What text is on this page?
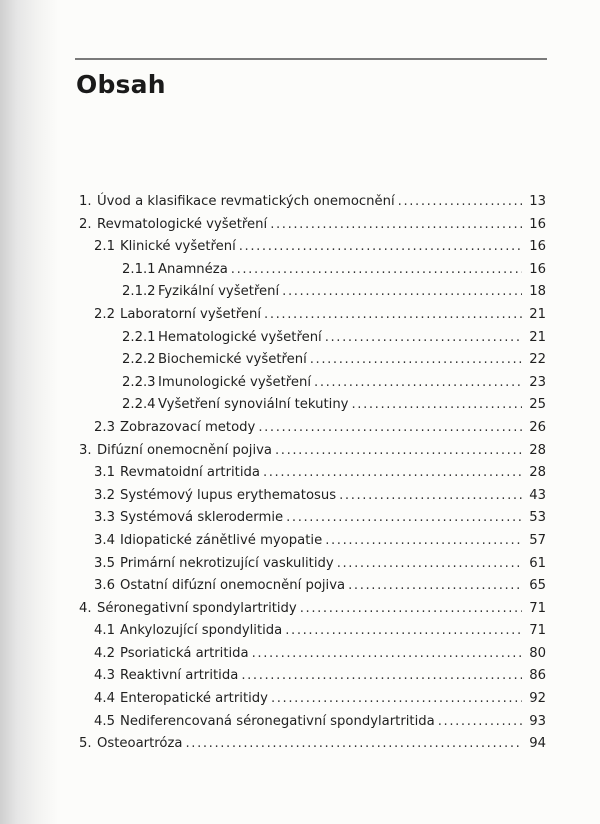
Obsah
1. Úvod a klasifikace revmatických onemocnění .....	13
2. Revmatologické vyšetření .....	16
2.1 Klinické vyšetření .....	16
2.1.1 Anamnéza .....	16
2.1.2 Fyzikální vyšetření .....	18
2.2 Laboratorní vyšetření .....	21
2.2.1 Hematologické vyšetření .....	21
2.2.2 Biochemické vyšetření .....	22
2.2.3 Imunologické vyšetření .....	23
2.2.4 Vyšetření synoviální tekutiny .....	25
2.3 Zobrazovací metody .....	26
3. Difúzní onemocnění pojiva .....	28
3.1 Revmatoidní artritida .....	28
3.2 Systémový lupus erythematosus .....	43
3.3 Systémová sklerodermie .....	53
3.4 Idiopatické zánětlivé myopatie .....	57
3.5 Primární nekrotizující vaskulitidy .....	61
3.6 Ostatní difúzní onemocnění pojiva .....	65
4. Séronegativní spondylartritidy .....	71
4.1 Ankylozující spondylitida .....	71
4.2 Psoriatická artritida .....	80
4.3 Reaktivní artritida .....	86
4.4 Enteropatické artritidy .....	92
4.5 Nediferencovaná séronegativní spondylartritida .....	93
5. Osteoartróza .....	94
